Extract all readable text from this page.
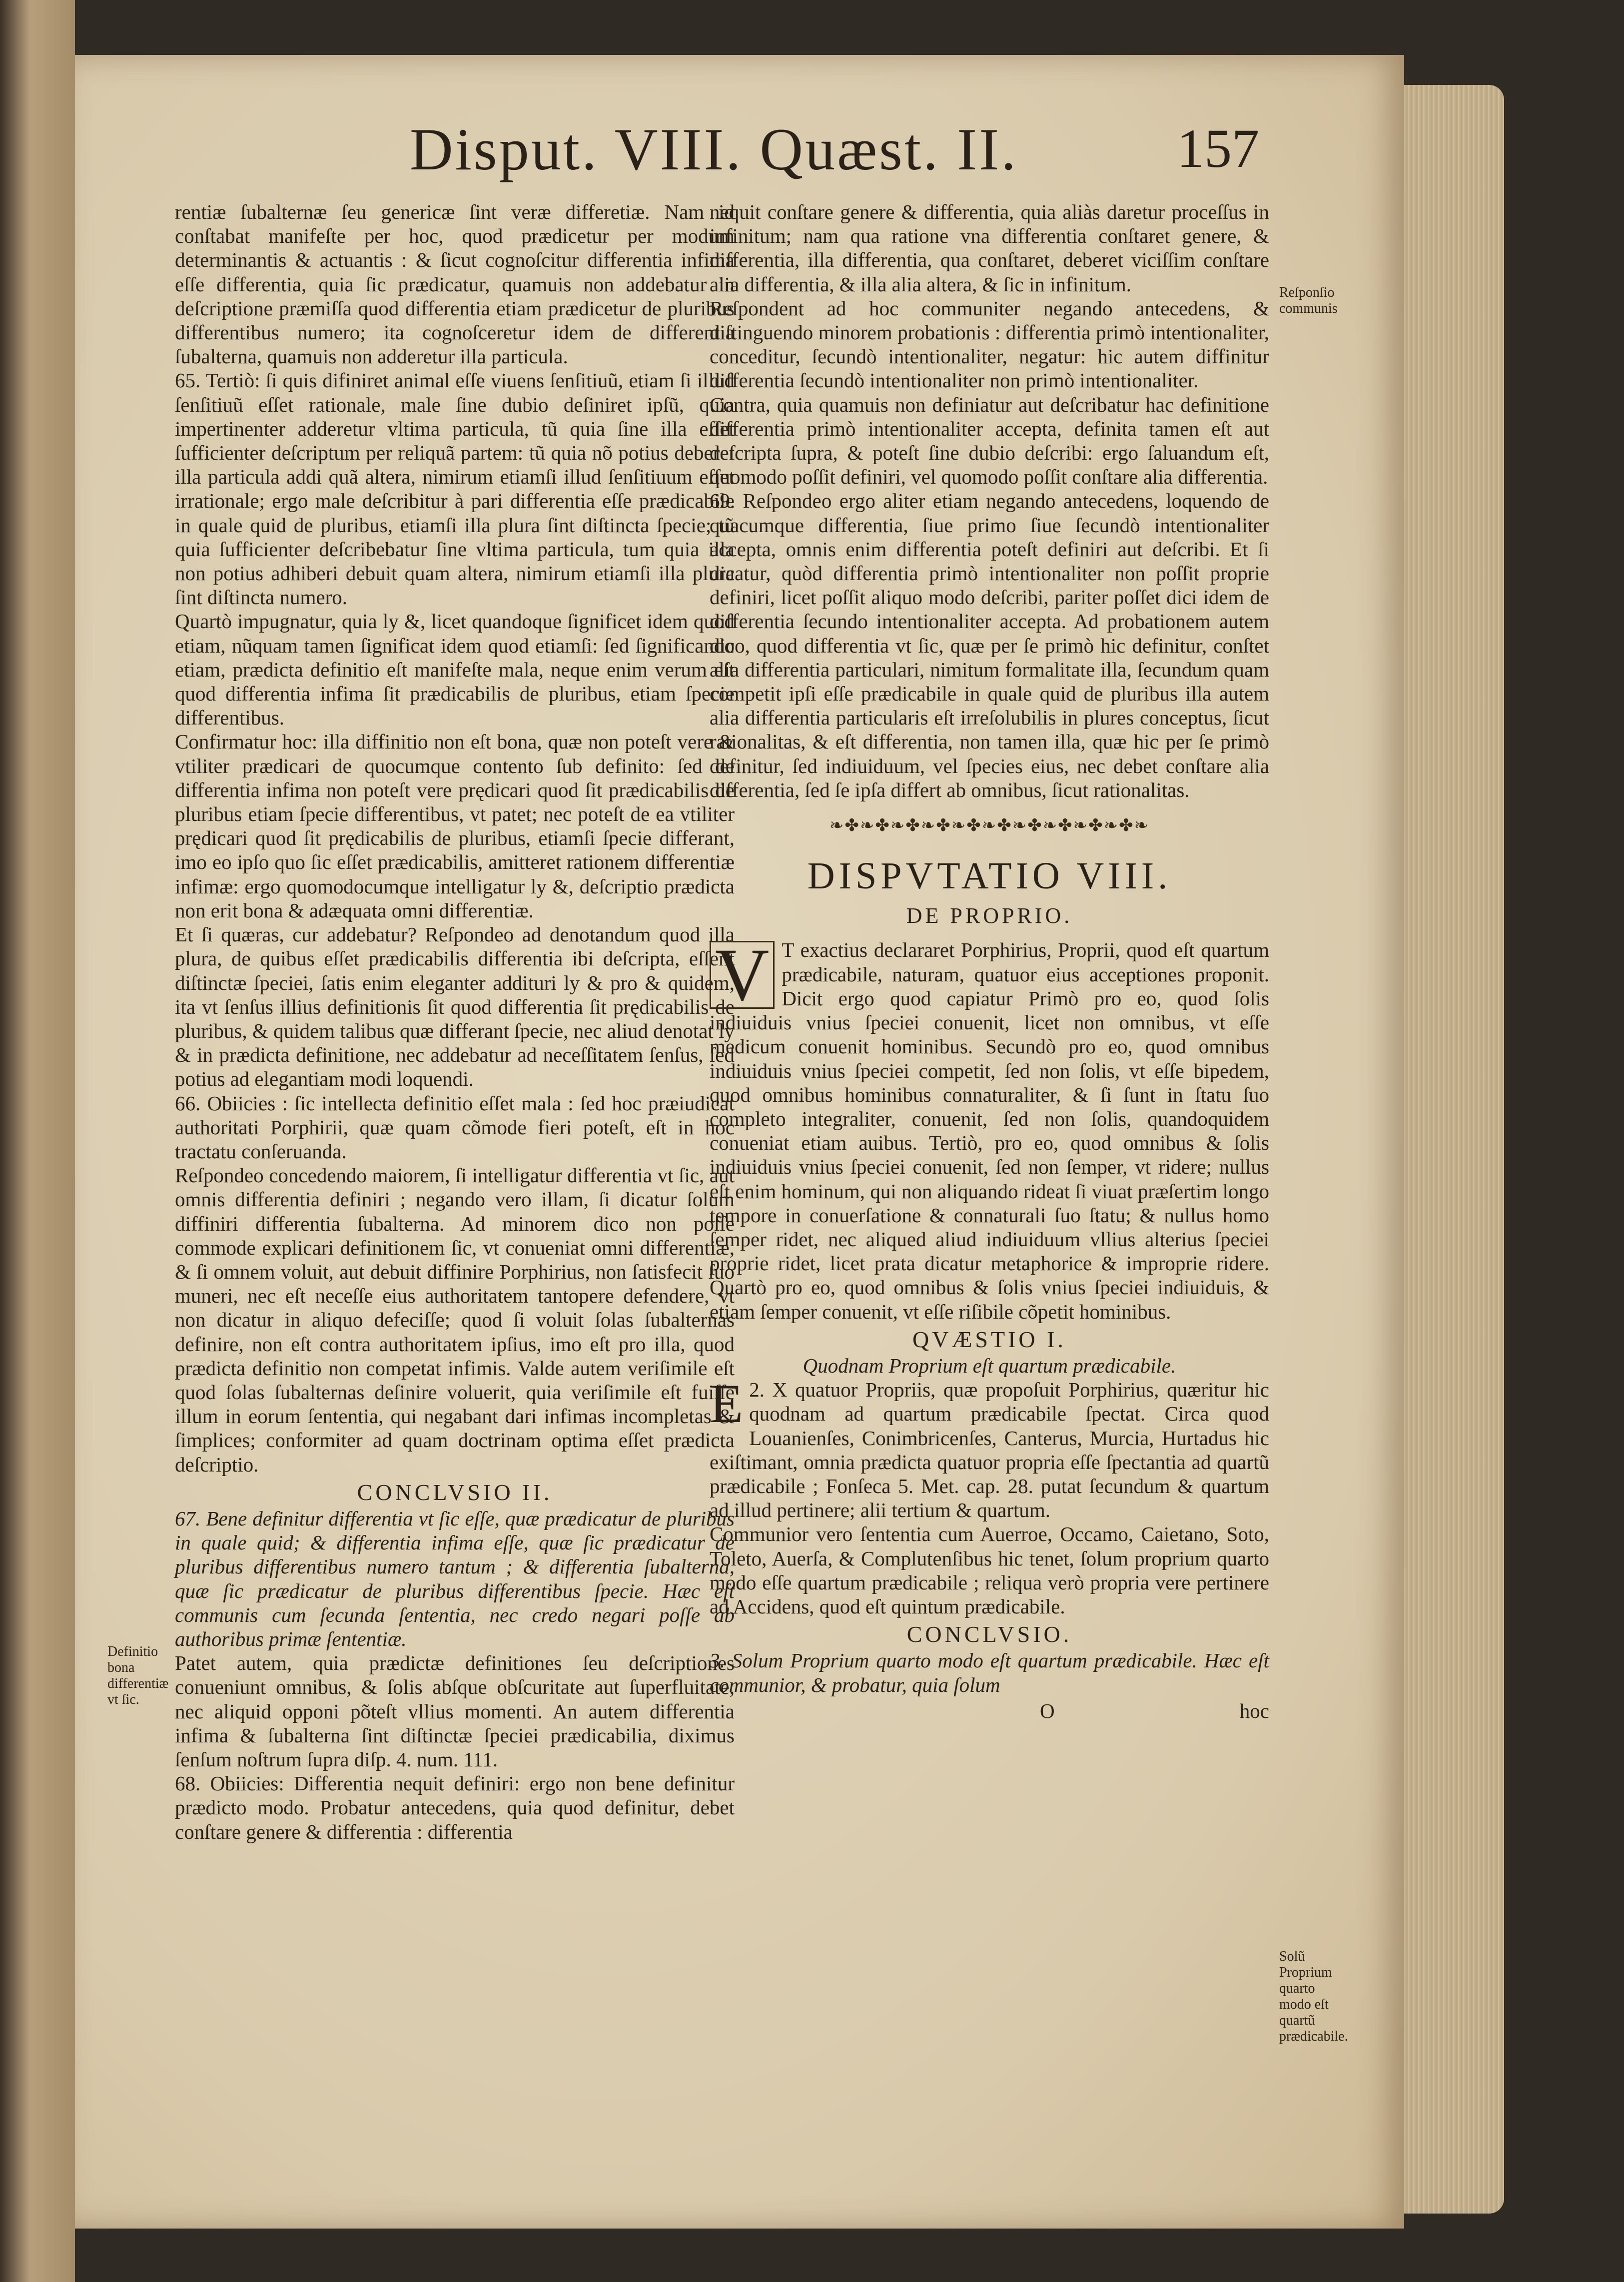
Disput. VIII. Quæst. II.	157

rentiæ ſubalternæ ſeu genericæ ſint veræ differetiæ. Nam id conſtabat manifeſte per hoc, quod prædicetur per modum determinantis & actuantis : & ſicut cognoſcitur differentia infima eſſe differentia, quia ſic prædicatur, quamuis non addebatur in deſcriptione præmiſſa quod differentia etiam prædicetur de pluribus differentibus numero; ita cognoſceretur idem de differentia ſubalterna, quamuis non adderetur illa particula.

65. Tertiò: ſi quis difiniret animal eſſe viuens ſenſitiuũ, etiam ſi illud ſenſitiuũ eſſet rationale, male ſine dubio deſiniret ipſũ, quia impertinenter adderetur vltima particula, tũ quia ſine illa eſſet ſufficienter deſcriptum per reliquã partem: tũ quia nõ potius deberet illa particula addi quã altera, nimirum etiamſi illud ſenſitiuum eſſet irrationale; ergo male deſcribitur à pari differentia eſſe prædicabile in quale quid de pluribus, etiamſi illa plura ſint diſtincta ſpecie; tũ quia ſufficienter deſcribebatur ſine vltima particula, tum quia illa non potius adhiberi debuit quam altera, nimirum etiamſi illa plura ſint diſtincta numero.

Quartò impugnatur, quia ly &, licet quandoque ſignificet idem quod etiam, nũquam tamen ſignificat idem quod etiamſi: ſed ſignificando etiam, prædicta definitio eſt manifeſte mala, neque enim verum eſt quod differentia infima ſit prædicabilis de pluribus, etiam ſpecie differentibus.

Confirmatur hoc: illa diffinitio non eſt bona, quæ non poteſt vere & vtiliter prædicari de quocumque contento ſub definito: ſed de differentia infima non poteſt vere prędicari quod ſit prædicabilis de pluribus etiam ſpecie differentibus, vt patet; nec poteſt de ea vtiliter prędicari quod ſit prędicabilis de pluribus, etiamſi ſpecie differant, imo eo ipſo quo ſic eſſet prædicabilis, amitteret rationem differentiæ infimæ: ergo quomodocumque intelligatur ly &, deſcriptio prædicta non erit bona & adæquata omni differentiæ.

Et ſi quæras, cur addebatur? Reſpondeo ad denotandum quod illa plura, de quibus eſſet prædicabilis differentia ibi deſcripta, eſſent diſtinctæ ſpeciei, ſatis enim eleganter addituri ly & pro & quidem, ita vt ſenſus illius definitionis ſit quod differentia ſit prędicabilis de pluribus, & quidem talibus quæ differant ſpecie, nec aliud denotat ly & in prædicta definitione, nec addebatur ad neceſſitatem ſenſus, ſed potius ad elegantiam modi loquendi.

66. Obiicies : ſic intellecta definitio eſſet mala : ſed hoc præiudicat authoritati Porphirii, quæ quam cõmode fieri poteſt, eſt in hoc tractatu conſeruanda.

Reſpondeo concedendo maiorem, ſi intelligatur differentia vt ſic, aut omnis differentia definiri ; negando vero illam, ſi dicatur ſolum diffiniri differentia ſubalterna. Ad minorem dico non poſſe commode explicari definitionem ſic, vt conueniat omni differentiæ, & ſi omnem voluit, aut debuit diffinire Porphirius, non ſatisfecit ſuo muneri, nec eſt neceſſe eius authoritatem tantopere defendere, vt non dicatur in aliquo defeciſſe; quod ſi voluit ſolas ſubalternas definire, non eſt contra authoritatem ipſius, imo eſt pro illa, quod prædicta definitio non competat infimis. Valde autem veriſimile eſt quod ſolas ſubalternas deſinire voluerit, quia veriſimile eſt fuiſſe illum in eorum ſententia, qui negabant dari infimas incompletas & ſimplices; conformiter ad quam doctrinam optima eſſet prædicta deſcriptio.

CONCLVSIO II.

67. Bene definitur differentia vt ſic eſſe, quæ prædicatur de pluribus in quale quid; & differentia infima eſſe, quæ ſic prædicatur de pluribus differentibus numero tantum ; & differentia ſubalterna, quæ ſic prædicatur de pluribus differentibus ſpecie. Hæc eſt communis cum ſecunda ſententia, nec credo negari poſſe ab authoribus primæ ſententiæ.

Patet autem, quia prædictæ definitiones ſeu deſcriptiones conueniunt omnibus, & ſolis abſque obſcuritate aut ſuperfluitate, nec aliquid opponi põteſt vllius momenti. An autem differentia infima & ſubalterna ſint diſtinctæ ſpeciei prædicabilia, diximus ſenſum noſtrum ſupra diſp. 4. num. 111.

68. Obiicies: Differentia nequit definiri: ergo non bene definitur prædicto modo. Probatur antecedens, quia quod definitur, debet conſtare genere & differentia : differentia

Definitio bona differentiæ vt ſic.

nequit conſtare genere & differentia, quia aliàs daretur proceſſus in infinitum; nam qua ratione vna differentia conſtaret genere, & differentia, illa differentia, qua conſtaret, deberet viciſſim conſtare alia differentia, & illa alia altera, & ſic in infinitum.

Reſpondent ad hoc communiter negando antecedens, & diſtinguendo minorem probationis : differentia primò intentionaliter, conceditur, ſecundò intentionaliter, negatur: hic autem diffinitur differentia ſecundò intentionaliter non primò intentionaliter.

Contra, quia quamuis non definiatur aut deſcribatur hac definitione differentia primò intentionaliter accepta, definita tamen eſt aut deſcripta ſupra, & poteſt ſine dubio deſcribi: ergo ſaluandum eſt, quomodo poſſit definiri, vel quomodo poſſit conſtare alia differentia.

69. Reſpondeo ergo aliter etiam negando antecedens, loquendo de quacumque differentia, ſiue primo ſiue ſecundò intentionaliter accepta, omnis enim differentia poteſt definiri aut deſcribi. Et ſi dicatur, quòd differentia primò intentionaliter non poſſit proprie definiri, licet poſſit aliquo modo deſcribi, pariter poſſet dici idem de differentia ſecundo intentionaliter accepta. Ad probationem autem dico, quod differentia vt ſic, quæ per ſe primò hic definitur, conſtet alia differentia particulari, nimitum formalitate illa, ſecundum quam competit ipſi eſſe prædicabile in quale quid de pluribus illa autem alia differentia particularis eſt irreſolubilis in plures conceptus, ſicut rationalitas, & eſt differentia, non tamen illa, quæ hic per ſe primò definitur, ſed indiuiduum, vel ſpecies eius, nec debet conſtare alia differentia, ſed ſe ipſa differt ab omnibus, ſicut rationalitas.

❧✤❧✤❧✤❧✤❧✤❧✤❧✤❧✤❧✤❧✤❧
DISPVTATIO VIII.
DE PROPRIO.

V T exactius declararet Porphirius, Proprii, quod eſt quartum prædicabile, naturam, quatuor eius acceptiones proponit. Dicit ergo quod capiatur Primò pro eo, quod ſolis indiuiduis vnius ſpeciei conuenit, licet non omnibus, vt eſſe medicum conuenit hominibus. Secundò pro eo, quod omnibus indiuiduis vnius ſpeciei competit, ſed non ſolis, vt eſſe bipedem, quod omnibus hominibus connaturaliter, & ſi ſunt in ſtatu ſuo completo integraliter, conuenit, ſed non ſolis, quandoquidem conueniat etiam auibus. Tertiò, pro eo, quod omnibus & ſolis indiuiduis vnius ſpeciei conuenit, ſed non ſemper, vt ridere; nullus eſt enim hominum, qui non aliquando rideat ſi viuat præſertim longo tempore in conuerſatione & connaturali ſuo ſtatu; & nullus homo ſemper ridet, nec aliqued aliud indiuiduum vllius alterius ſpeciei proprie ridet, licet prata dicatur metaphorice & improprie ridere. Quartò pro eo, quod omnibus & ſolis vnius ſpeciei indiuiduis, & etiam ſemper conuenit, vt eſſe riſibile cõpetit hominibus.

QVÆSTIO I.

Quodnam Proprium eſt quartum prædicabile.

2.
E X quatuor Propriis, quæ propoſuit Porphirius, quæritur hic quodnam ad quartum prædicabile ſpectat. Circa quod Louanienſes, Conimbricenſes, Canterus, Murcia, Hurtadus hic exiſtimant, omnia prædicta quatuor propria eſſe ſpectantia ad quartũ prædicabile ; Fonſeca 5. Met. cap. 28. putat ſecundum & quartum ad illud pertinere; alii tertium & quartum.

Communior vero ſententia cum Auerroe, Occamo, Caietano, Soto, Toleto, Auerſa, & Complutenſibus hic tenet, ſolum proprium quarto modo eſſe quartum prædicabile ; reliqua verò propria vere pertinere ad Accidens, quod eſt quintum prædicabile.

CONCLVSIO.

3. Solum Proprium quarto modo eſt quartum prædicabile. Hæc eſt communior, & probatur, quia ſolum

O	hoc
Reſponſio communis
Solũ Proprium quarto modo eſt quartũ prædicabile.
